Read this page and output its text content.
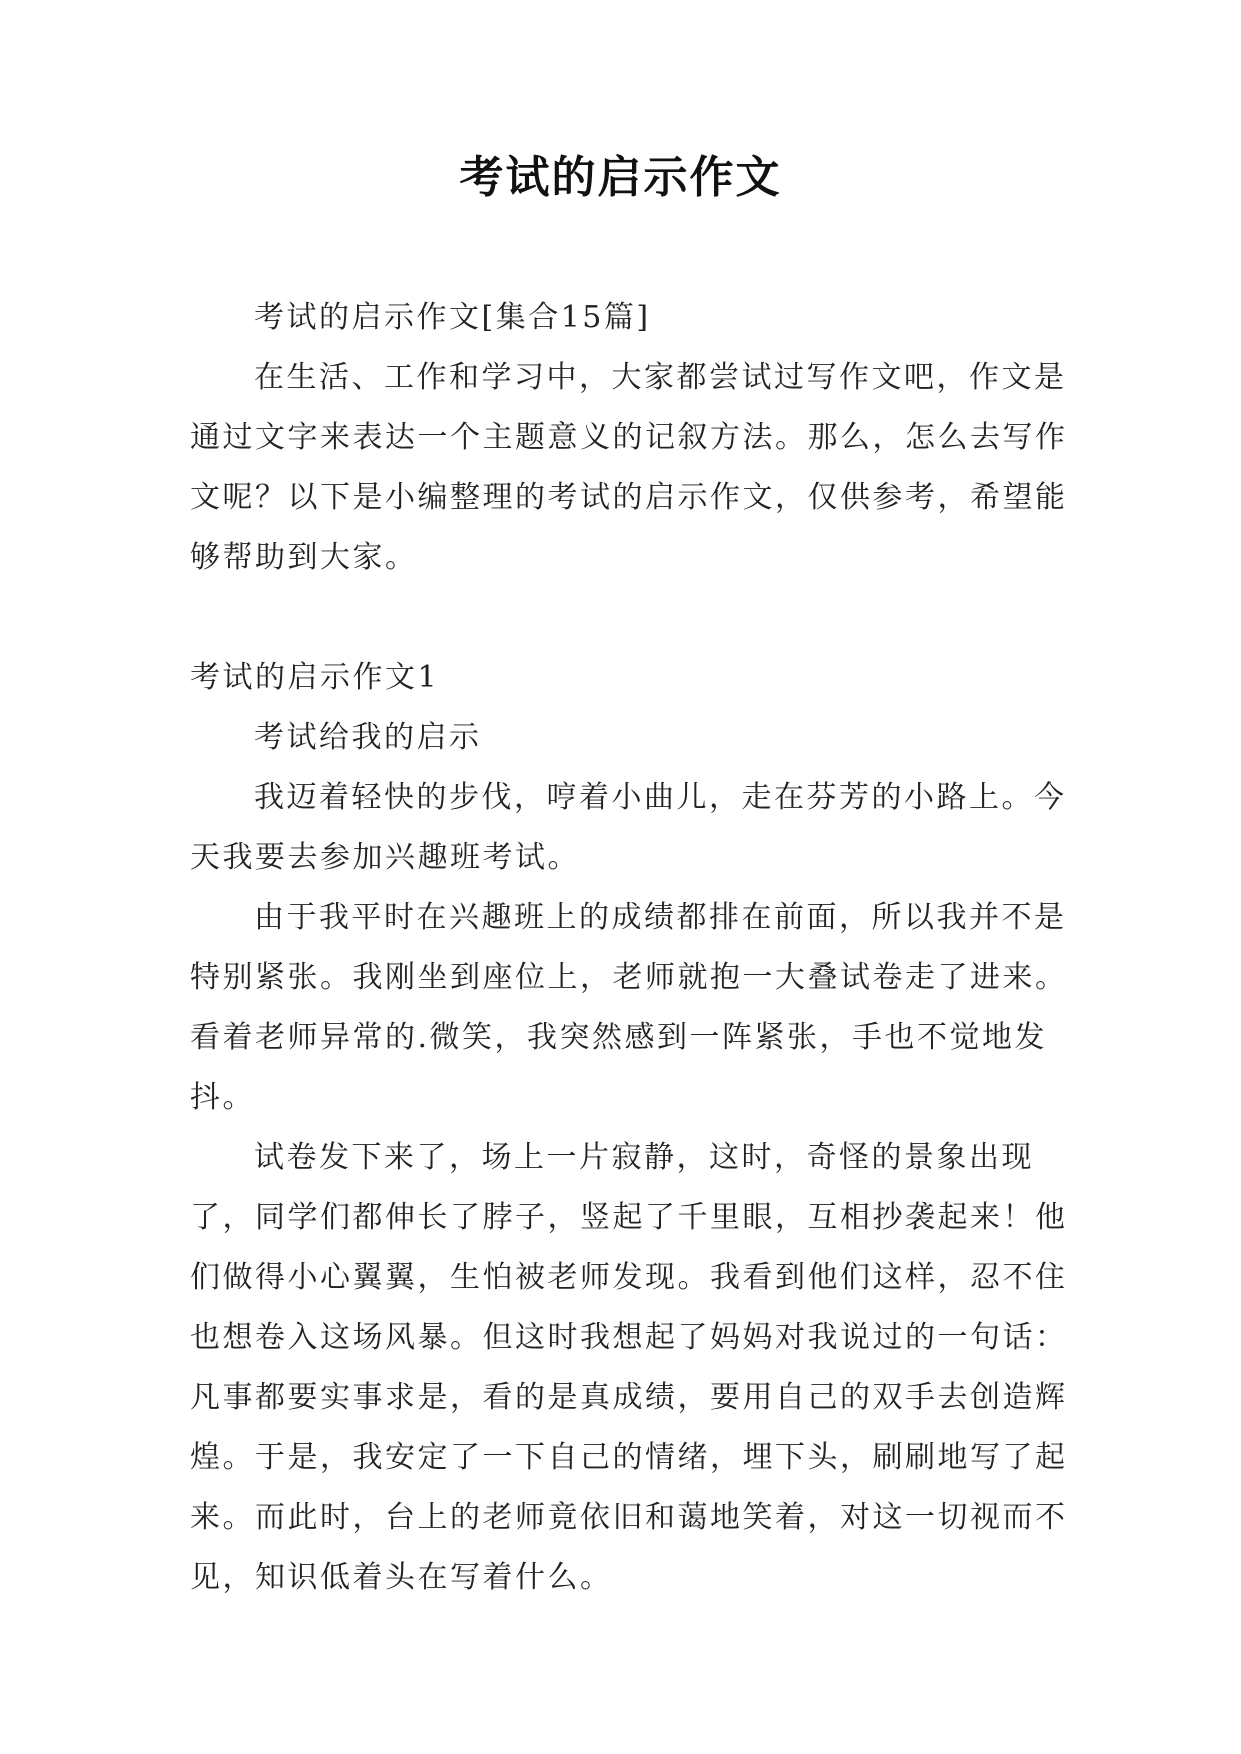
考试的启示作文

考试的启示作文[集合15篇]

在生活、工作和学习中，大家都尝试过写作文吧，作文是通过文字来表达一个主题意义的记叙方法。那么，怎么去写作文呢？以下是小编整理的考试的启示作文，仅供参考，希望能够帮助到大家。

考试的启示作文1

考试给我的启示

我迈着轻快的步伐，哼着小曲儿，走在芬芳的小路上。今天我要去参加兴趣班考试。

由于我平时在兴趣班上的成绩都排在前面，所以我并不是特别紧张。我刚坐到座位上，老师就抱一大叠试卷走了进来。看着老师异常的.微笑，我突然感到一阵紧张，手也不觉地发抖。

试卷发下来了，场上一片寂静，这时，奇怪的景象出现了，同学们都伸长了脖子，竖起了千里眼，互相抄袭起来！他们做得小心翼翼，生怕被老师发现。我看到他们这样，忍不住也想卷入这场风暴。但这时我想起了妈妈对我说过的一句话：凡事都要实事求是，看的是真成绩，要用自己的双手去创造辉煌。于是，我安定了一下自己的情绪，埋下头，刷刷地写了起来。而此时，台上的老师竟依旧和蔼地笑着，对这一切视而不见，知识低着头在写着什么。
